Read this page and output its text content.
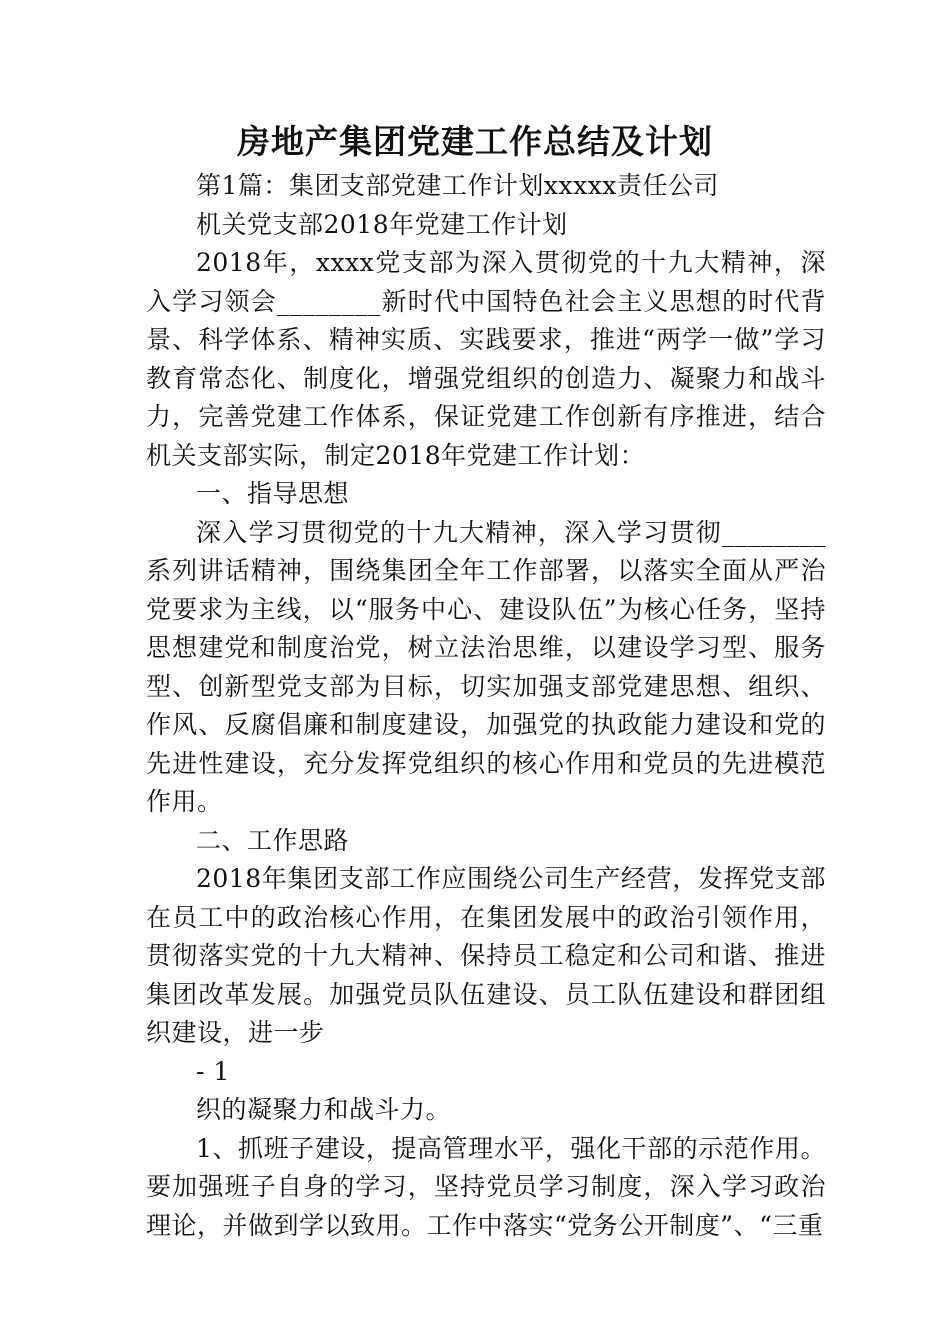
房地产集团党建工作总结及计划

第1篇：集团支部党建工作计划xxxxx责任公司

机关党支部2018年党建工作计划

2018年，xxxx党支部为深入贯彻党的十九大精神，深入学习领会________新时代中国特色社会主义思想的时代背景、科学体系、精神实质、实践要求，推进“两学一做”学习教育常态化、制度化，增强党组织的创造力、凝聚力和战斗力，完善党建工作体系，保证党建工作创新有序推进，结合机关支部实际，制定2018年党建工作计划：

一、指导思想

深入学习贯彻党的十九大精神，深入学习贯彻________系列讲话精神，围绕集团全年工作部署，以落实全面从严治党要求为主线，以“服务中心、建设队伍”为核心任务，坚持思想建党和制度治党，树立法治思维，以建设学习型、服务型、创新型党支部为目标，切实加强支部党建思想、组织、作风、反腐倡廉和制度建设，加强党的执政能力建设和党的先进性建设，充分发挥党组织的核心作用和党员的先进模范作用。

二、工作思路

2018年集团支部工作应围绕公司生产经营，发挥党支部在员工中的政治核心作用，在集团发展中的政治引领作用，贯彻落实党的十九大精神、保持员工稳定和公司和谐、推进集团改革发展。加强党员队伍建设、员工队伍建设和群团组织建设，进一步

- 1

织的凝聚力和战斗力。

1、抓班子建设，提高管理水平，强化干部的示范作用。要加强班子自身的学习，坚持党员学习制度，深入学习政治理论，并做到学以致用。工作中落实“党务公开制度”、“三重
